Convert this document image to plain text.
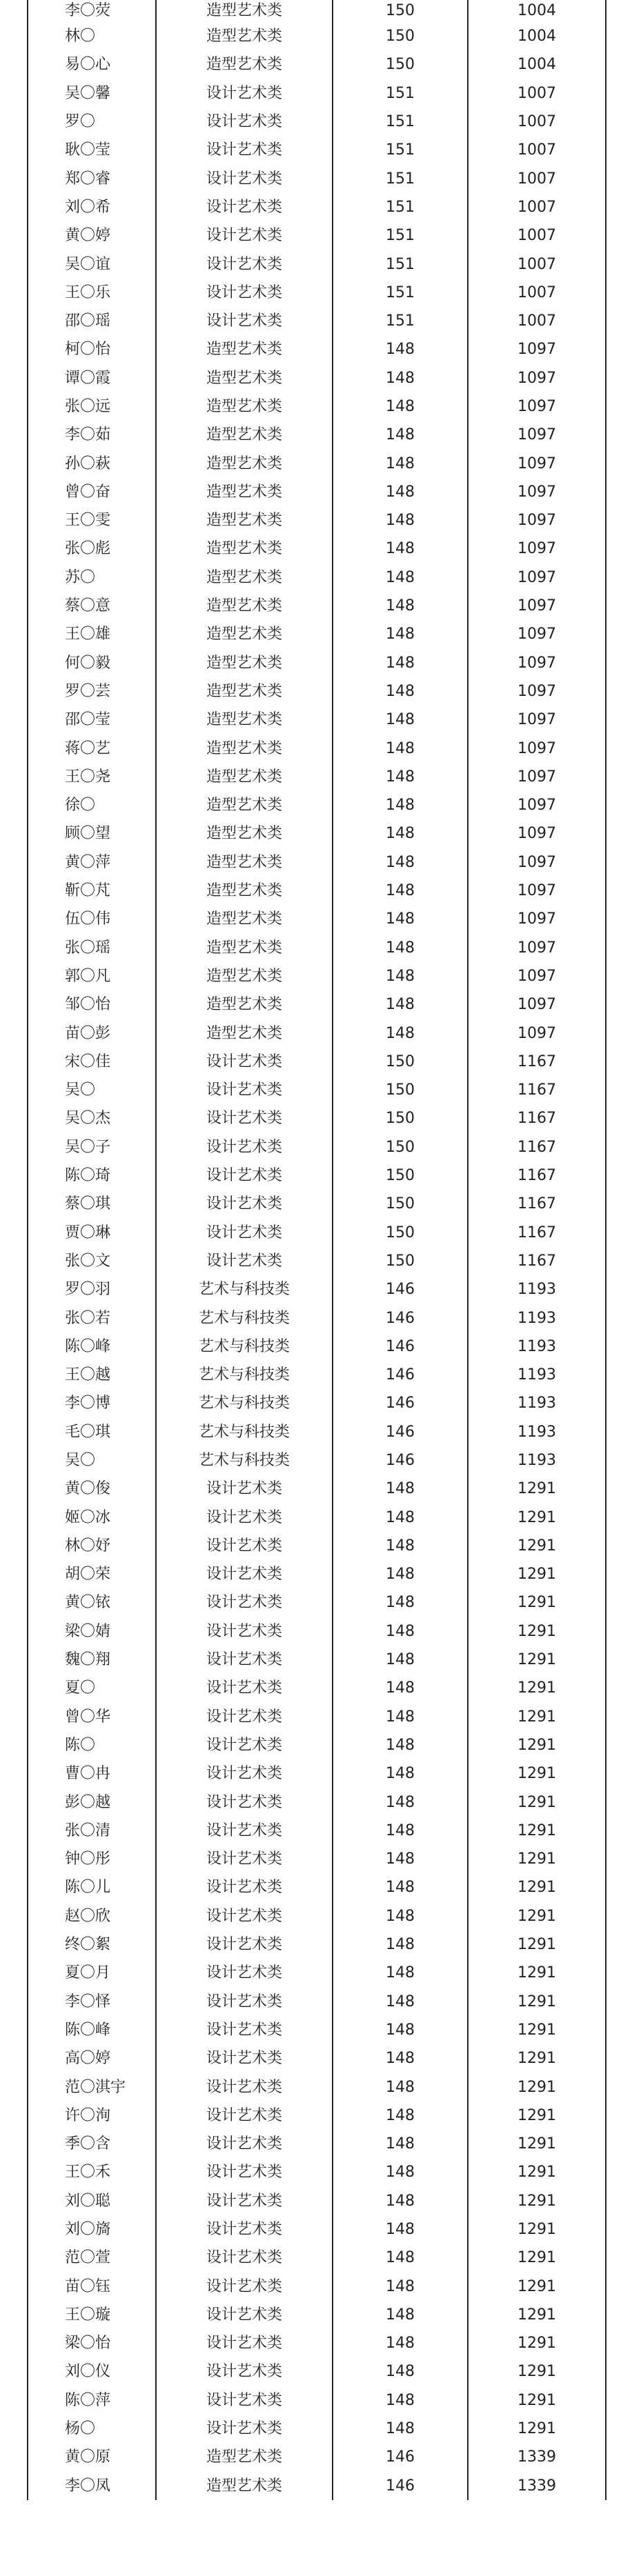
李〇荧	造型艺术类	150	1004
林〇	造型艺术类	150	1004
易〇心	造型艺术类	150	1004
吴〇馨	设计艺术类	151	1007
罗〇	设计艺术类	151	1007
耿〇莹	设计艺术类	151	1007
郑〇睿	设计艺术类	151	1007
刘〇希	设计艺术类	151	1007
黄〇婷	设计艺术类	151	1007
吴〇谊	设计艺术类	151	1007
王〇乐	设计艺术类	151	1007
邵〇瑶	设计艺术类	151	1007
柯〇怡	造型艺术类	148	1097
谭〇霞	造型艺术类	148	1097
张〇远	造型艺术类	148	1097
李〇茹	造型艺术类	148	1097
孙〇萩	造型艺术类	148	1097
曾〇奋	造型艺术类	148	1097
王〇雯	造型艺术类	148	1097
张〇彪	造型艺术类	148	1097
苏〇	造型艺术类	148	1097
蔡〇意	造型艺术类	148	1097
王〇雄	造型艺术类	148	1097
何〇毅	造型艺术类	148	1097
罗〇芸	造型艺术类	148	1097
邵〇莹	造型艺术类	148	1097
蒋〇艺	造型艺术类	148	1097
王〇尧	造型艺术类	148	1097
徐〇	造型艺术类	148	1097
顾〇望	造型艺术类	148	1097
黄〇萍	造型艺术类	148	1097
靳〇芃	造型艺术类	148	1097
伍〇伟	造型艺术类	148	1097
张〇瑶	造型艺术类	148	1097
郭〇凡	造型艺术类	148	1097
邹〇怡	造型艺术类	148	1097
苗〇彭	造型艺术类	148	1097
宋〇佳	设计艺术类	150	1167
吴〇	设计艺术类	150	1167
吴〇杰	设计艺术类	150	1167
吴〇子	设计艺术类	150	1167
陈〇琦	设计艺术类	150	1167
蔡〇琪	设计艺术类	150	1167
贾〇琳	设计艺术类	150	1167
张〇文	设计艺术类	150	1167
罗〇羽	艺术与科技类	146	1193
张〇若	艺术与科技类	146	1193
陈〇峰	艺术与科技类	146	1193
王〇越	艺术与科技类	146	1193
李〇博	艺术与科技类	146	1193
毛〇琪	艺术与科技类	146	1193
吴〇	艺术与科技类	146	1193
黄〇俊	设计艺术类	148	1291
姬〇冰	设计艺术类	148	1291
林〇妤	设计艺术类	148	1291
胡〇荣	设计艺术类	148	1291
黄〇铱	设计艺术类	148	1291
梁〇婧	设计艺术类	148	1291
魏〇翔	设计艺术类	148	1291
夏〇	设计艺术类	148	1291
曾〇华	设计艺术类	148	1291
陈〇	设计艺术类	148	1291
曹〇冉	设计艺术类	148	1291
彭〇越	设计艺术类	148	1291
张〇清	设计艺术类	148	1291
钟〇彤	设计艺术类	148	1291
陈〇儿	设计艺术类	148	1291
赵〇欣	设计艺术类	148	1291
终〇絮	设计艺术类	148	1291
夏〇月	设计艺术类	148	1291
李〇怿	设计艺术类	148	1291
陈〇峰	设计艺术类	148	1291
高〇婷	设计艺术类	148	1291
范〇淇宇	设计艺术类	148	1291
许〇洵	设计艺术类	148	1291
季〇含	设计艺术类	148	1291
王〇禾	设计艺术类	148	1291
刘〇聪	设计艺术类	148	1291
刘〇旖	设计艺术类	148	1291
范〇萱	设计艺术类	148	1291
苗〇钰	设计艺术类	148	1291
王〇璇	设计艺术类	148	1291
梁〇怡	设计艺术类	148	1291
刘〇仪	设计艺术类	148	1291
陈〇萍	设计艺术类	148	1291
杨〇	设计艺术类	148	1291
黄〇原	造型艺术类	146	1339
李〇凤	造型艺术类	146	1339
